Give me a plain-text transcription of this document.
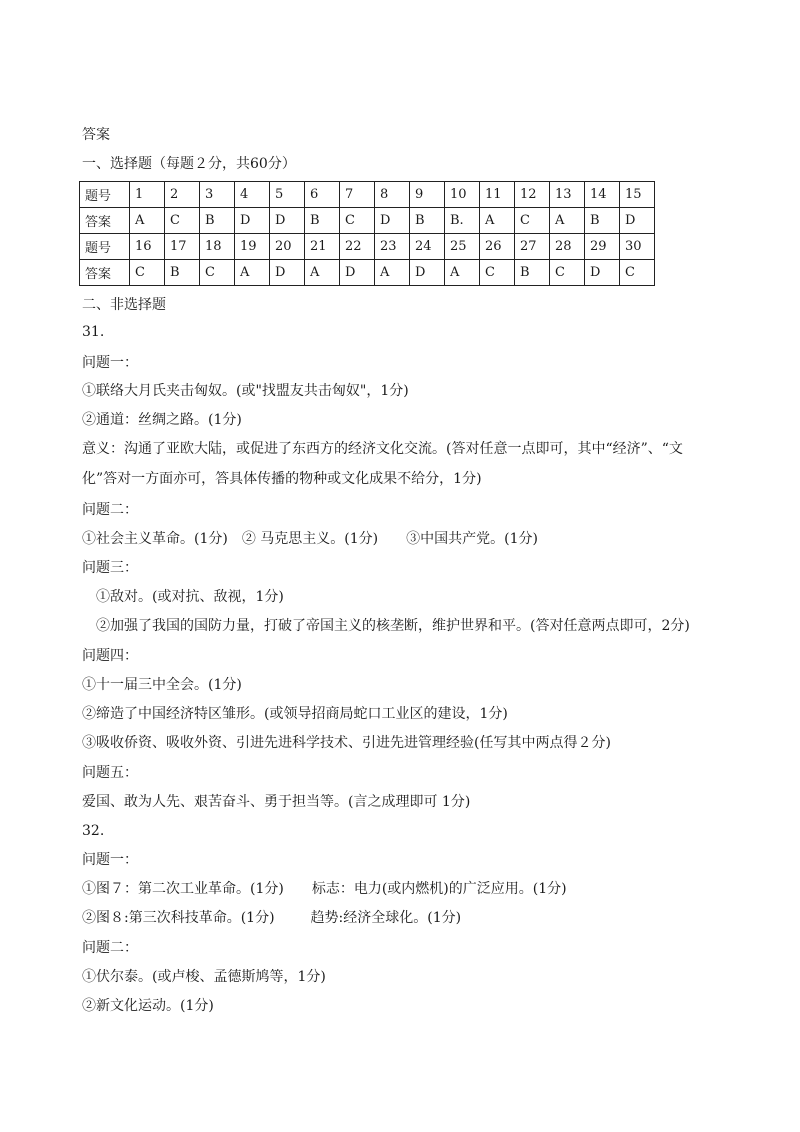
答案
一、选择题（每题２分，共60分）
题号	1	2	3	4	5	6	7	8	9	10	11	12	13	14	15
答案	A	C	B	D	D	B	C	D	B	B.	A	C	A	B	D
题号	16	17	18	19	20	21	22	23	24	25	26	27	28	29	30
答案	C	B	C	A	D	A	D	A	D	A	C	B	C	D	C
二、非选择题
31.
问题一：
①联络大月氏夹击匈奴。(或"找盟友共击匈奴"，1分)
②通道：丝绸之路。(1分)
意义：沟通了亚欧大陆，或促进了东西方的经济文化交流。(答对任意一点即可，其中“经济”、“文
化”答对一方面亦可，答具体传播的物种或文化成果不给分，1分)
问题二：
①社会主义革命。(1分) ② 马克思主义。(1分) ③中国共产党。(1分)
问题三：
①敌对。(或对抗、敌视，1分)
②加强了我国的国防力量，打破了帝国主义的核垄断，维护世界和平。(答对任意两点即可，2分)
问题四：
①十一届三中全会。(1分)
②缔造了中国经济特区雏形。(或领导招商局蛇口工业区的建设，1分)
③吸收侨资、吸收外资、引进先进科学技术、引进先进管理经验(任写其中两点得２分)
问题五：
爱国、敢为人先、艰苦奋斗、勇于担当等。(言之成理即可 1分)
32.
问题一：
①图７：第二次工业革命。(1分) 标志：电力(或内燃机)的广泛应用。(1分)
②图８:第三次科技革命。(1分)	趋势:经济全球化。(1分)
问题二：
①伏尔泰。(或卢梭、孟德斯鸠等，1分)
②新文化运动。(1分)
